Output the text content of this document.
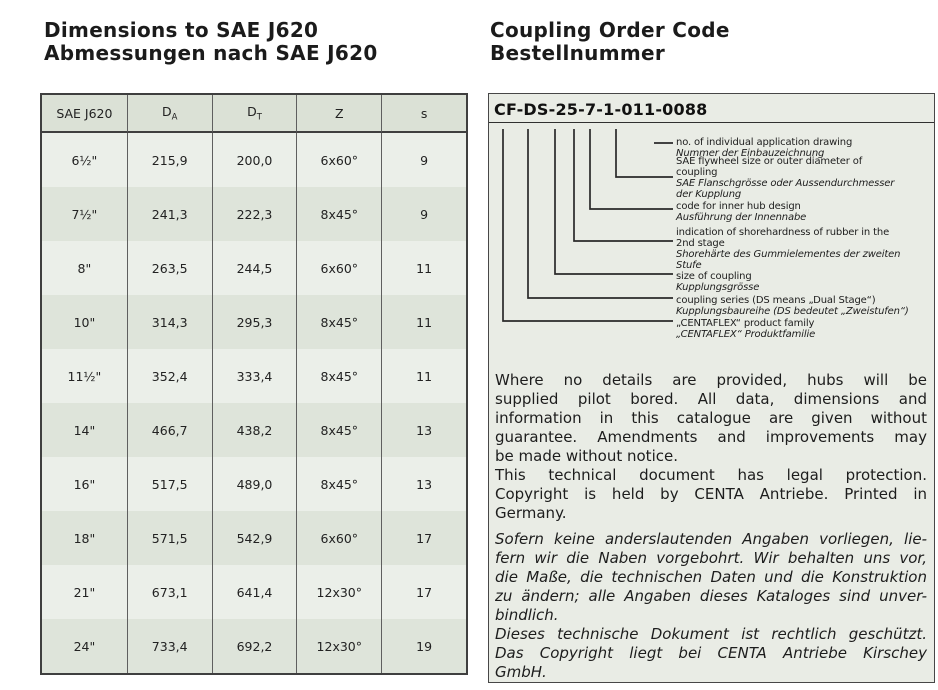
Dimensions to SAE J620
Abmessungen nach SAE J620
Coupling Order Code
Bestellnummer
SAE J620	$D_A$	$D_T$	Z	s
6½"	215,9	200,0	6x60°	9
7½"	241,3	222,3	8x45°	9
8"	263,5	244,5	6x60°	11
10"	314,3	295,3	8x45°	11
11½"	352,4	333,4	8x45°	11
14"	466,7	438,2	8x45°	13
16"	517,5	489,0	8x45°	13
18"	571,5	542,9	6x60°	17
21"	673,1	641,4	12x30°	17
24"	733,4	692,2	12x30°	19
CF-DS-25-7-1-011-0088
no. of individual application drawing
Nummer der Einbauzeichnung
SAE flywheel size or outer diameter of
coupling
SAE Flanschgrösse oder Aussendurchmesser
der Kupplung
code for inner hub design
Ausführung der Innennabe
indication of shorehardness of rubber in the
2nd stage
Shorehärte des Gummielementes der zweiten
Stufe
size of coupling
Kupplungsgrösse
coupling series (DS means „Dual Stage“)
Kupplungsbaureihe (DS bedeutet „Zweistufen“)
„CENTAFLEX“ product family
„CENTAFLEX“ Produktfamilie

Where no details are provided, hubs will be
supplied pilot bored. All data, dimensions and
information in this catalogue are given without
guarantee. Amendments and improvements may
be made without notice.

This technical document has legal protection.
Copyright is held by CENTA Antriebe. Printed in
Germany.

Sofern keine anderslautenden Angaben vorliegen, lie-
fern wir die Naben vorgebohrt. Wir behalten uns vor,
die Maße, die technischen Daten und die Konstruktion
zu ändern; alle Angaben dieses Kataloges sind unver-
bindlich.

Dieses technische Dokument ist rechtlich geschützt.
Das Copyright liegt bei CENTA Antriebe Kirschey
GmbH.
